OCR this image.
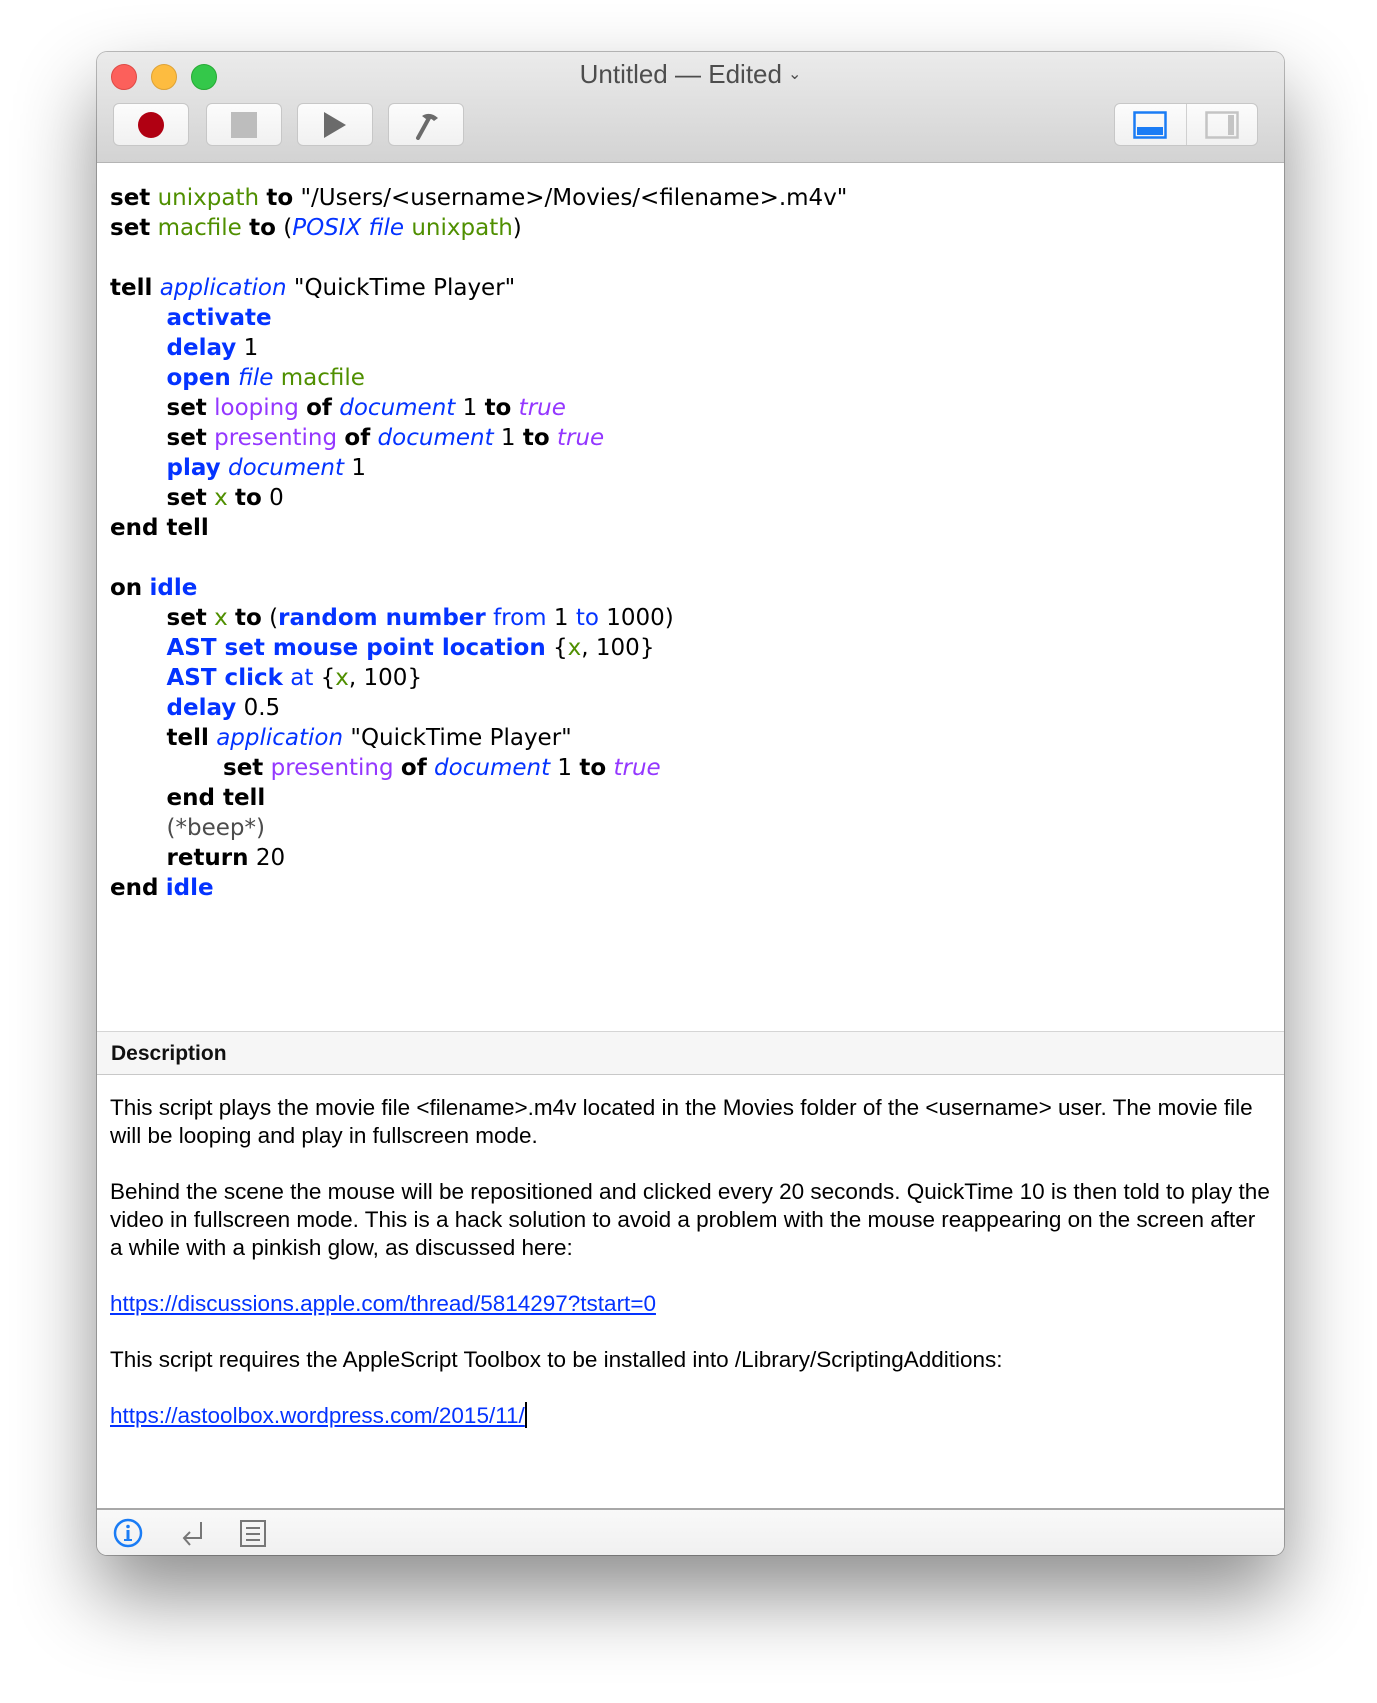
Untitled — Edited ⌄
set unixpath to "/Users/<username>/Movies/<filename>.m4v"
set macfile to (POSIX file unixpath)
tell application "QuickTime Player"
activate
delay 1
open file macfile
set looping of document 1 to true
set presenting of document 1 to true
play document 1
set x to 0
end tell
on idle
set x to (random number from 1 to 1000)
AST set mouse point location {x, 100}
AST click at {x, 100}
delay 0.5
tell application "QuickTime Player"
set presenting of document 1 to true
end tell
(*beep*)
return 20
end idle
Description

This script plays the movie file <filename>.m4v located in the Movies folder of the <username> user. The movie file will be looping and play in fullscreen mode.

Behind the scene the mouse will be repositioned and clicked every 20 seconds. QuickTime 10 is then told to play the video in fullscreen mode. This is a hack solution to avoid a problem with the mouse reappearing on the screen after a while with a pinkish glow, as discussed here:

https://discussions.apple.com/thread/5814297?tstart=0

This script requires the AppleScript Toolbox to be installed into /Library/ScriptingAdditions:

https://astoolbox.wordpress.com/2015/11/
